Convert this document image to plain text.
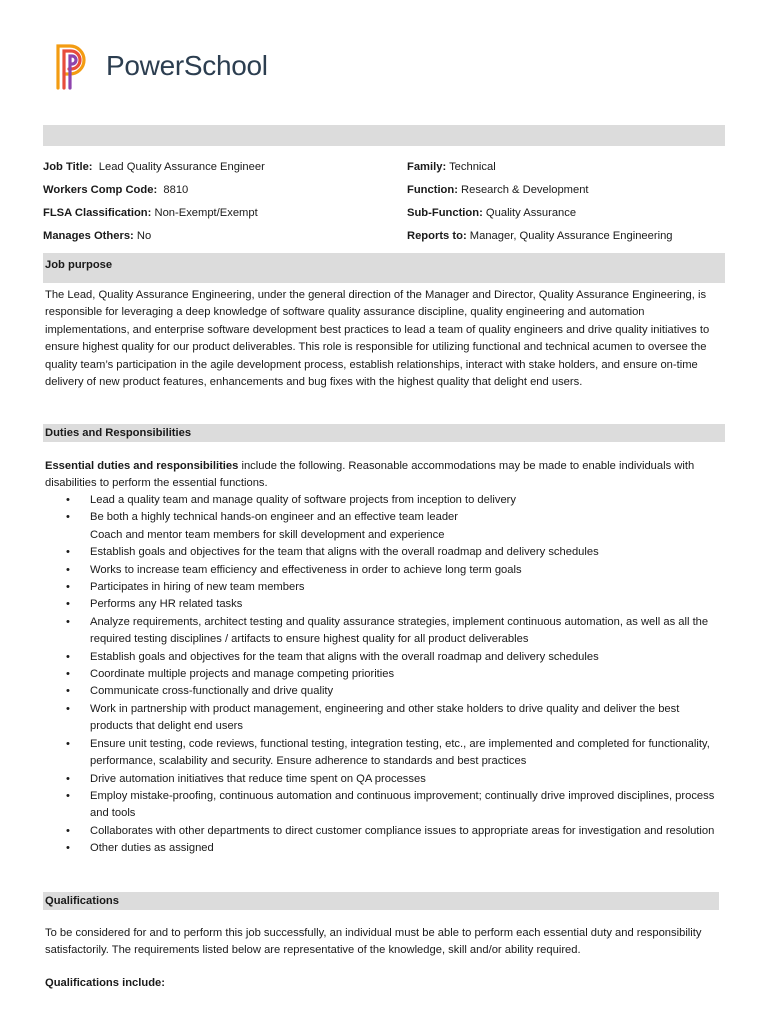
PowerSchool
Job Title:  Lead Quality Assurance Engineer	Family: Technical
Workers Comp Code:  8810	Function: Research & Development
FLSA Classification: Non-Exempt/Exempt	Sub-Function: Quality Assurance
Manages Others: No	Reports to: Manager, Quality Assurance Engineering
Job purpose

The Lead, Quality Assurance Engineering, under the general direction of the Manager and Director, Quality Assurance Engineering, is responsible for leveraging a deep knowledge of software quality assurance discipline, quality engineering and automation implementations, and enterprise software development best practices to lead a team of quality engineers and drive quality initiatives to ensure highest quality for our product deliverables. This role is responsible for utilizing functional and technical acumen to oversee the quality team’s participation in the agile development process, establish relationships, interact with stake holders, and ensure on-time delivery of new product features, enhancements and bug fixes with the highest quality that delight end users.

Duties and Responsibilities

Essential duties and responsibilities include the following. Reasonable accommodations may be made to enable individuals with disabilities to perform the essential functions.

• Lead a quality team and manage quality of software projects from inception to delivery
• Be both a highly technical hands-on engineer and an effective team leader
Coach and mentor team members for skill development and experience
• Establish goals and objectives for the team that aligns with the overall roadmap and delivery schedules
• Works to increase team efficiency and effectiveness in order to achieve long term goals
• Participates in hiring of new team members
• Performs any HR related tasks
• Analyze requirements, architect testing and quality assurance strategies, implement continuous automation, as well as all the required testing disciplines / artifacts to ensure highest quality for all product deliverables
• Establish goals and objectives for the team that aligns with the overall roadmap and delivery schedules
• Coordinate multiple projects and manage competing priorities
• Communicate cross-functionally and drive quality
• Work in partnership with product management, engineering and other stake holders to drive quality and deliver the best products that delight end users
• Ensure unit testing, code reviews, functional testing, integration testing, etc., are implemented and completed for functionality, performance, scalability and security. Ensure adherence to standards and best practices
• Drive automation initiatives that reduce time spent on QA processes
• Employ mistake-proofing, continuous automation and continuous improvement; continually drive improved disciplines, process and tools
• Collaborates with other departments to direct customer compliance issues to appropriate areas for investigation and resolution
• Other duties as assigned
Qualifications

To be considered for and to perform this job successfully, an individual must be able to perform each essential duty and responsibility satisfactorily. The requirements listed below are representative of the knowledge, skill and/or ability required.

Qualifications include:
